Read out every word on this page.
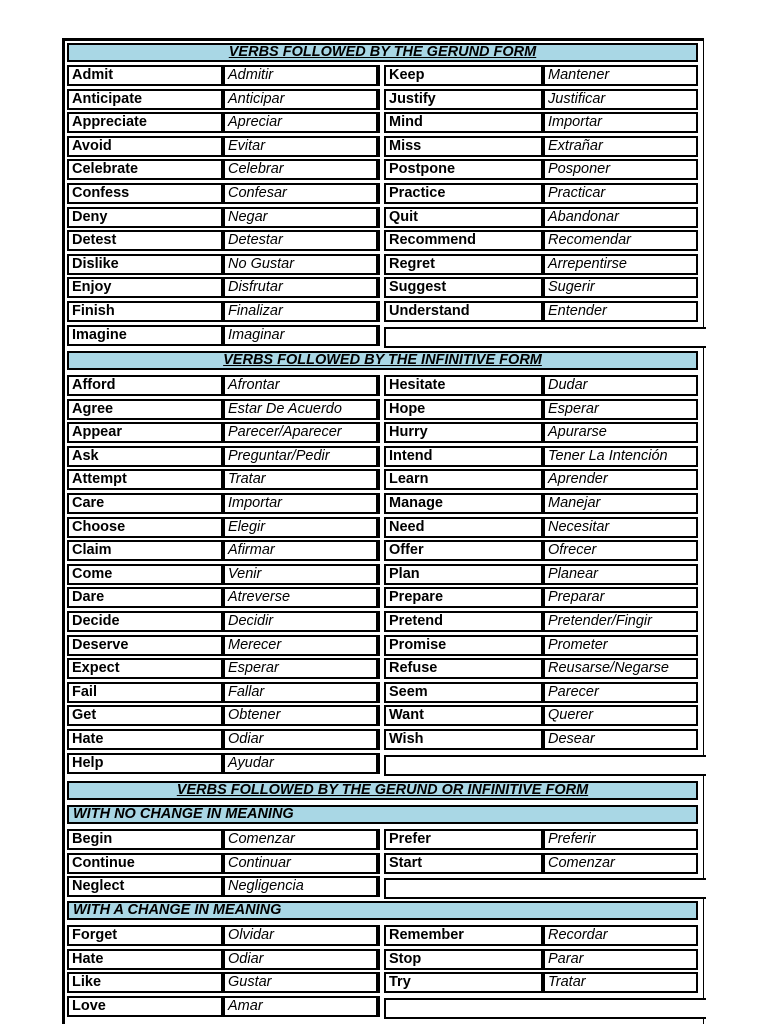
VERBS FOLLOWED BY THE GERUND FORM
Admit	Admitir
Anticipate	Anticipar
Appreciate	Apreciar
Avoid	Evitar
Celebrate	Celebrar
Confess	Confesar
Deny	Negar
Detest	Detestar
Dislike	No Gustar
Enjoy	Disfrutar
Finish	Finalizar
Imagine	Imaginar
Keep	Mantener
Justify	Justificar
Mind	Importar
Miss	Extrañar
Postpone	Posponer
Practice	Practicar
Quit	Abandonar
Recommend	Recomendar
Regret	Arrepentirse
Suggest	Sugerir
Understand	Entender
VERBS FOLLOWED BY THE INFINITIVE FORM
Afford	Afrontar
Agree	Estar De Acuerdo
Appear	Parecer/Aparecer
Ask	Preguntar/Pedir
Attempt	Tratar
Care	Importar
Choose	Elegir
Claim	Afirmar
Come	Venir
Dare	Atreverse
Decide	Decidir
Deserve	Merecer
Expect	Esperar
Fail	Fallar
Get	Obtener
Hate	Odiar
Help	Ayudar
Hesitate	Dudar
Hope	Esperar
Hurry	Apurarse
Intend	Tener La Intención
Learn	Aprender
Manage	Manejar
Need	Necesitar
Offer	Ofrecer
Plan	Planear
Prepare	Preparar
Pretend	Pretender/Fingir
Promise	Prometer
Refuse	Reusarse/Negarse
Seem	Parecer
Want	Querer
Wish	Desear
VERBS FOLLOWED BY THE GERUND OR INFINITIVE FORM
WITH NO CHANGE IN MEANING
Begin	Comenzar
Continue	Continuar
Neglect	Negligencia
Prefer	Preferir
Start	Comenzar
WITH A CHANGE IN MEANING
Forget	Olvidar
Hate	Odiar
Like	Gustar
Love	Amar
Remember	Recordar
Stop	Parar
Try	Tratar
